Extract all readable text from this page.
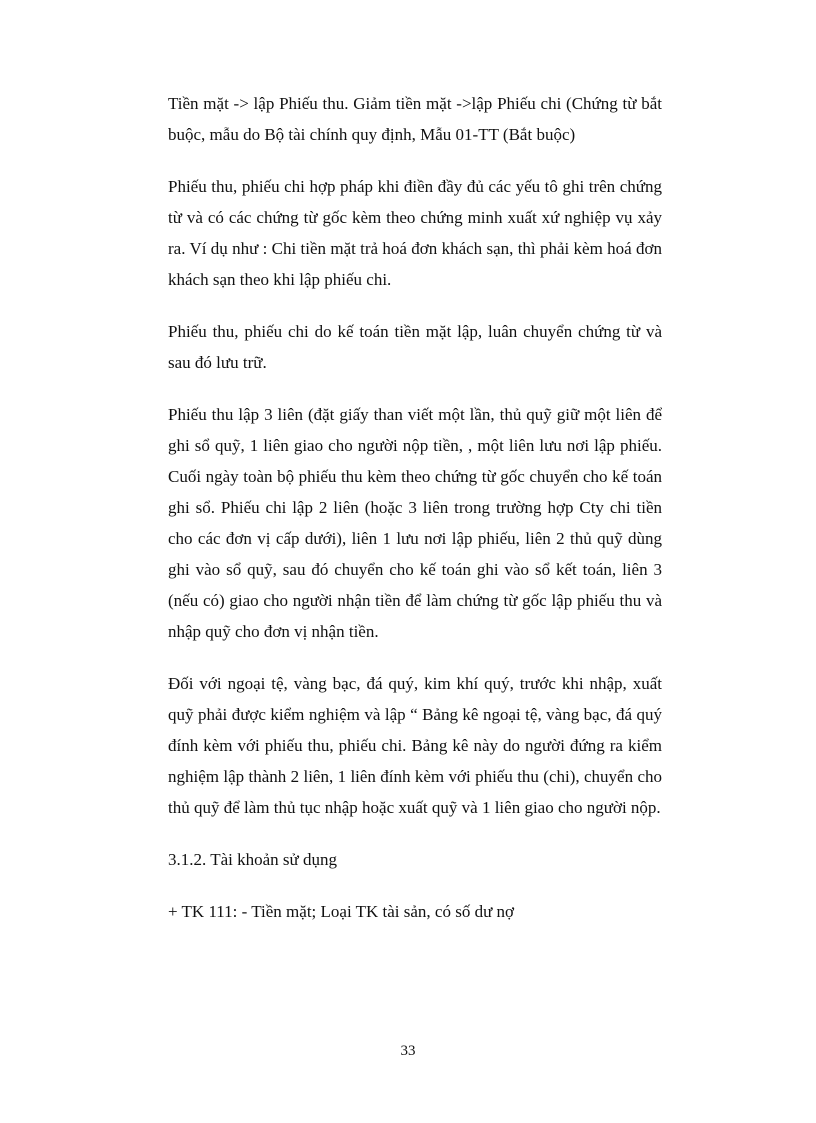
Tiền mặt -> lập Phiếu thu. Giảm tiền mặt ->lập Phiếu chi (Chứng từ bắt buộc, mẫu do Bộ tài chính quy định, Mẫu 01-TT (Bắt buộc)

Phiếu thu, phiếu chi hợp pháp khi điền đầy đủ các yếu tô ghi trên chứng từ và có các chứng từ gốc kèm theo chứng minh xuất xứ nghiệp vụ xảy ra. Ví dụ như : Chi tiền mặt trả hoá đơn khách sạn, thì phải kèm hoá đơn khách sạn theo khi lập phiếu chi.

Phiếu thu, phiếu chi do kế toán tiền mặt lập, luân chuyển chứng từ và sau đó lưu trữ.

Phiếu thu lập 3 liên (đặt giấy than viết một lần, thủ quỹ giữ một liên để ghi sổ quỹ, 1 liên giao cho người nộp tiền, , một liên lưu nơi lập phiếu. Cuối ngày toàn bộ phiếu thu kèm theo chứng từ gốc chuyển cho kế toán ghi sổ. Phiếu chi lập 2 liên (hoặc 3 liên trong trường hợp Cty chi tiền cho các đơn vị cấp dưới), liên 1 lưu nơi lập phiếu, liên 2 thủ quỹ dùng ghi vào sổ quỹ, sau đó chuyển cho kế toán ghi vào sổ kết toán, liên 3 (nếu có) giao cho người nhận tiền để làm chứng từ gốc lập phiếu thu và nhập quỹ cho đơn vị nhận tiền.

Đối với ngoại tệ, vàng bạc, đá quý, kim khí quý, trước khi nhập, xuất quỹ phải được kiểm nghiệm và lập “ Bảng kê ngoại tệ, vàng bạc, đá quý đính kèm với phiếu thu, phiếu chi. Bảng kê này do người đứng ra kiểm nghiệm lập thành 2 liên, 1 liên đính kèm với phiếu thu (chi), chuyển cho thủ quỹ để làm thủ tục nhập hoặc xuất quỹ và 1 liên giao cho người nộp.

3.1.2. Tài khoản sử dụng

+ TK 111: - Tiền mặt; Loại TK tài sản, có số dư nợ

33
